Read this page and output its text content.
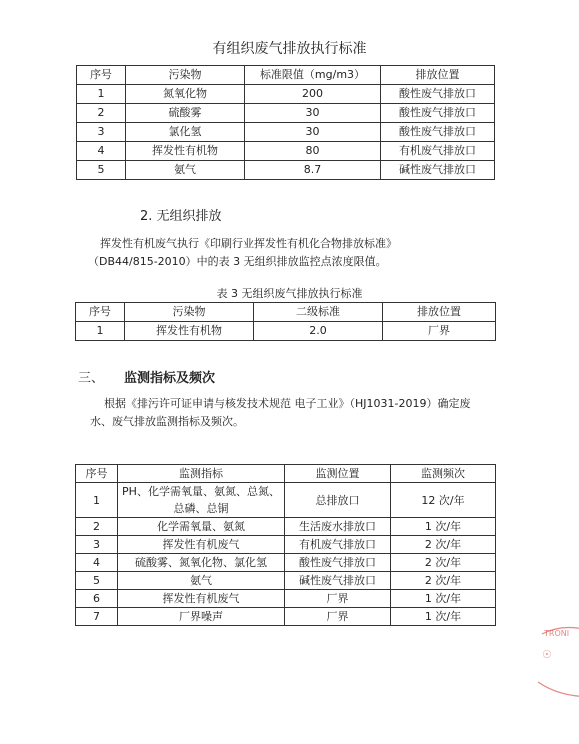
有组织废气排放执行标准
序号	污染物	标准限值（mg/m3）	排放位置
1	氮氧化物	200	酸性废气排放口
2	硫酸雾	30	酸性废气排放口
3	氯化氢	30	酸性废气排放口
4	挥发性有机物	80	有机废气排放口
5	氨气	8.7	碱性废气排放口
2. 无组织排放
挥发性有机废气执行《印刷行业挥发性有机化合物排放标准》
（DB44/815-2010）中的表 3 无组织排放监控点浓度限值。
表 3 无组织废气排放执行标准
序号	污染物	二级标准	排放位置
1	挥发性有机物	2.0	厂界
三、 监测指标及频次
根据《排污许可证申请与核发技术规范 电子工业》（HJ1031-2019）确定废
水、废气排放监测指标及频次。
序号	监测指标	监测位置	监测频次
1	PH、化学需氧量、氨氮、总氮、总磷、总铜	总排放口	12 次/年
2	化学需氧量、氨氮	生活废水排放口	1 次/年
3	挥发性有机废气	有机废气排放口	2 次/年
4	硫酸雾、氮氧化物、氯化氢	酸性废气排放口	2 次/年
5	氨气	碱性废气排放口	2 次/年
6	挥发性有机废气	厂界	1 次/年
7	厂界噪声	厂界	1 次/年
TRONI
☉
